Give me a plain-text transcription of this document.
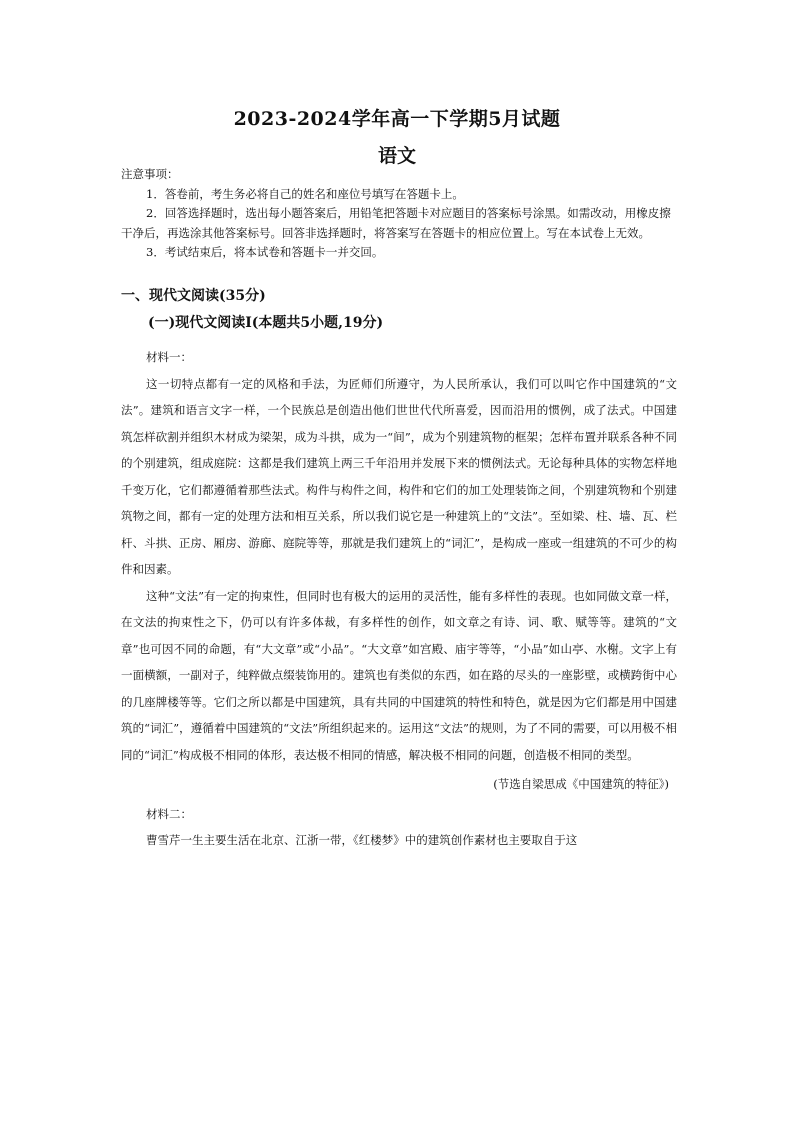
2023-2024学年高一下学期5月试题
语文

注意事项：

1．答卷前，考生务必将自己的姓名和座位号填写在答题卡上。
2．回答选择题时，选出每小题答案后，用铅笔把答题卡对应题目的答案标号涂黑。如需改动，用橡皮擦干净后，再选涂其他答案标号。回答非选择题时，将答案写在答题卡的相应位置上。写在本试卷上无效。
3．考试结束后，将本试卷和答题卡一并交回。
一、现代文阅读(35分)
(一)现代文阅读Ⅰ(本题共5小题,19分)

材料一：

这一切特点都有一定的风格和手法，为匠师们所遵守，为人民所承认，我们可以叫它作中国建筑的“文法”。建筑和语言文字一样，一个民族总是创造出他们世世代代所喜爱，因而沿用的惯例，成了法式。中国建筑怎样砍割并组织木材成为梁架，成为斗拱，成为一“间”，成为个别建筑物的框架；怎样布置并联系各种不同的个别建筑，组成庭院：这都是我们建筑上两三千年沿用并发展下来的惯例法式。无论每种具体的实物怎样地千变万化，它们都遵循着那些法式。构件与构件之间，构件和它们的加工处理装饰之间，个别建筑物和个别建筑物之间，都有一定的处理方法和相互关系，所以我们说它是一种建筑上的“文法”。至如梁、柱、墙、瓦、栏杆、斗拱、正房、厢房、游廊、庭院等等，那就是我们建筑上的“词汇”，是构成一座或一组建筑的不可少的构件和因素。

这种“文法”有一定的拘束性，但同时也有极大的运用的灵活性，能有多样性的表现。也如同做文章一样，在文法的拘束性之下，仍可以有许多体裁，有多样性的创作，如文章之有诗、词、歌、赋等等。建筑的“文章”也可因不同的命题，有“大文章”或“小品”。“大文章”如宫殿、庙宇等等，“小品”如山亭、水榭。文字上有一面横额，一副对子，纯粹做点缀装饰用的。建筑也有类似的东西，如在路的尽头的一座影壁，或横跨街中心的几座牌楼等等。它们之所以都是中国建筑，具有共同的中国建筑的特性和特色，就是因为它们都是用中国建筑的“词汇”，遵循着中国建筑的“文法”所组织起来的。运用这“文法”的规则，为了不同的需要，可以用极不相同的“词汇”构成极不相同的体形，表达极不相同的情感，解决极不相同的问题，创造极不相同的类型。

(节选自梁思成《中国建筑的特征》)

材料二：

曹雪芹一生主要生活在北京、江浙一带，《红楼梦》中的建筑创作素材也主要取自于这
